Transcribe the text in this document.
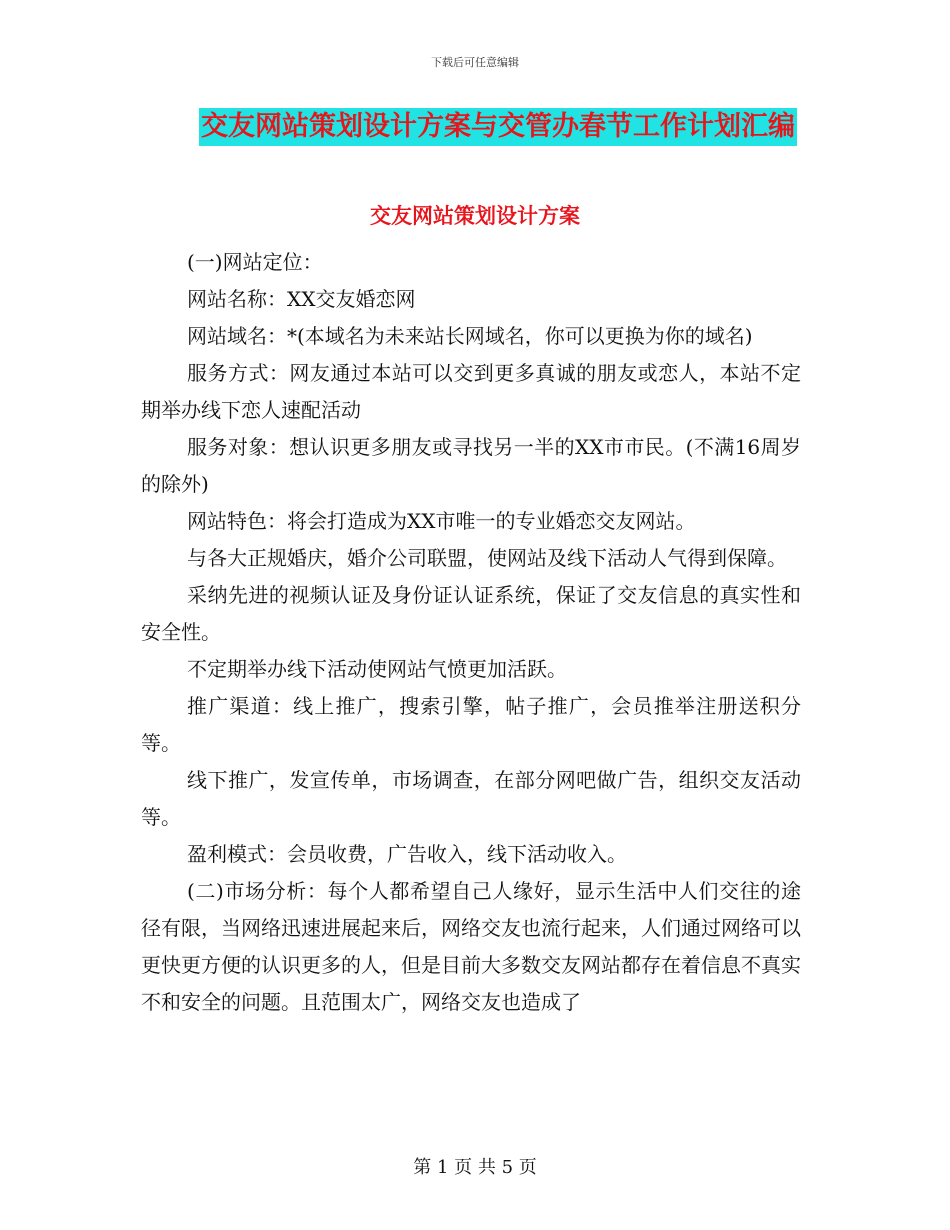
下载后可任意编辑
交友网站策划设计方案与交管办春节工作计划汇编
交友网站策划设计方案

(一)网站定位：

网站名称：XX交友婚恋网

网站域名：*(本域名为未来站长网域名，你可以更换为你的域名)

服务方式：网友通过本站可以交到更多真诚的朋友或恋人，本站不定期举办线下恋人速配活动

服务对象：想认识更多朋友或寻找另一半的XX市市民。(不满16周岁的除外)

网站特色：将会打造成为XX市唯一的专业婚恋交友网站。

与各大正规婚庆，婚介公司联盟，使网站及线下活动人气得到保障。

采纳先进的视频认证及身份证认证系统，保证了交友信息的真实性和安全性。

不定期举办线下活动使网站气愤更加活跃。

推广渠道：线上推广，搜索引擎，帖子推广，会员推举注册送积分等。

线下推广，发宣传单，市场调查，在部分网吧做广告，组织交友活动等。

盈利模式：会员收费，广告收入，线下活动收入。

(二)市场分析：每个人都希望自己人缘好，显示生活中人们交往的途径有限，当网络迅速进展起来后，网络交友也流行起来，人们通过网络可以更快更方便的认识更多的人，但是目前大多数交友网站都存在着信息不真实不和安全的问题。且范围太广，网络交友也造成了

第 1 页 共 5 页
